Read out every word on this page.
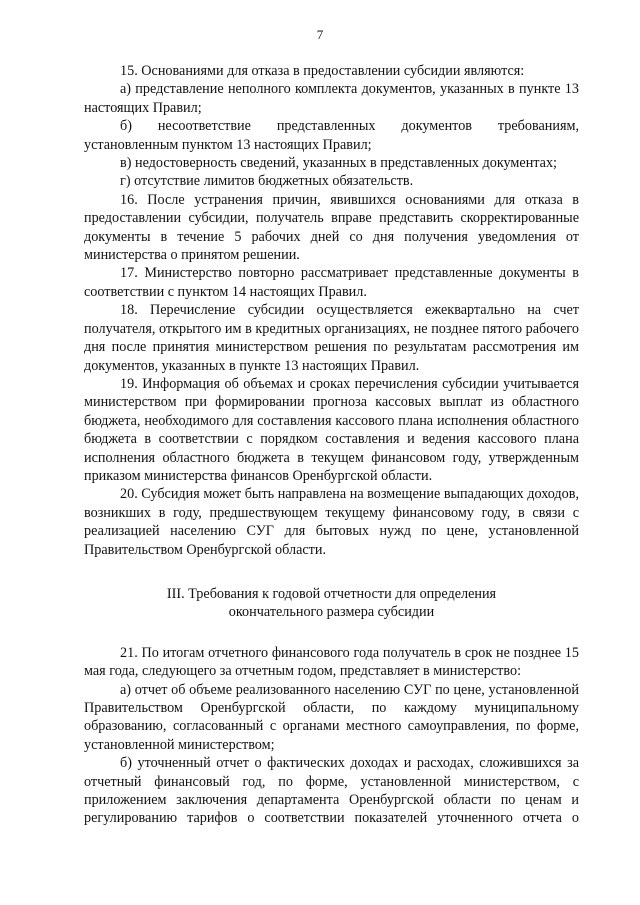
7

15. Основаниями для отказа в предоставлении субсидии являются:

а) представление неполного комплекта документов, указанных в пункте 13 настоящих Правил;

б) несоответствие представленных документов требованиям, установленным пунктом 13 настоящих Правил;

в) недостоверность сведений, указанных в представленных документах;

г) отсутствие лимитов бюджетных обязательств.

16. После устранения причин, явившихся основаниями для отказа в предоставлении субсидии, получатель вправе представить скорректированные документы в течение 5 рабочих дней со дня получения уведомления от министерства о принятом решении.

17. Министерство повторно рассматривает представленные документы в соответствии с пунктом 14 настоящих Правил.

18. Перечисление субсидии осуществляется ежеквартально на счет получателя, открытого им в кредитных организациях, не позднее пятого рабочего дня после принятия министерством решения по результатам рассмотрения им документов, указанных в пункте 13 настоящих Правил.

19. Информация об объемах и сроках перечисления субсидии учитывается министерством при формировании прогноза кассовых выплат из областного бюджета, необходимого для составления кассового плана исполнения областного бюджета в соответствии с порядком составления и ведения кассового плана исполнения областного бюджета в текущем финансовом году, утвержденным приказом министерства финансов Оренбургской области.

20. Субсидия может быть направлена на возмещение выпадающих доходов, возникших в году, предшествующем текущему финансовому году, в связи с реализацией населению СУГ для бытовых нужд по цене, установленной Правительством Оренбургской области.

III. Требования к годовой отчетности для определения
окончательного размера субсидии

21. По итогам отчетного финансового года получатель в срок не позднее 15 мая года, следующего за отчетным годом, представляет в министерство:

а) отчет об объеме реализованного населению СУГ по цене, установленной Правительством Оренбургской области, по каждому муниципальному образованию, согласованный с органами местного самоуправления, по форме, установленной министерством;

б) уточненный отчет о фактических доходах и расходах, сложившихся за отчетный финансовый год, по форме, установленной министерством, с приложением заключения департамента Оренбургской области по ценам и регулированию тарифов о соответствии показателей уточненного отчета о
